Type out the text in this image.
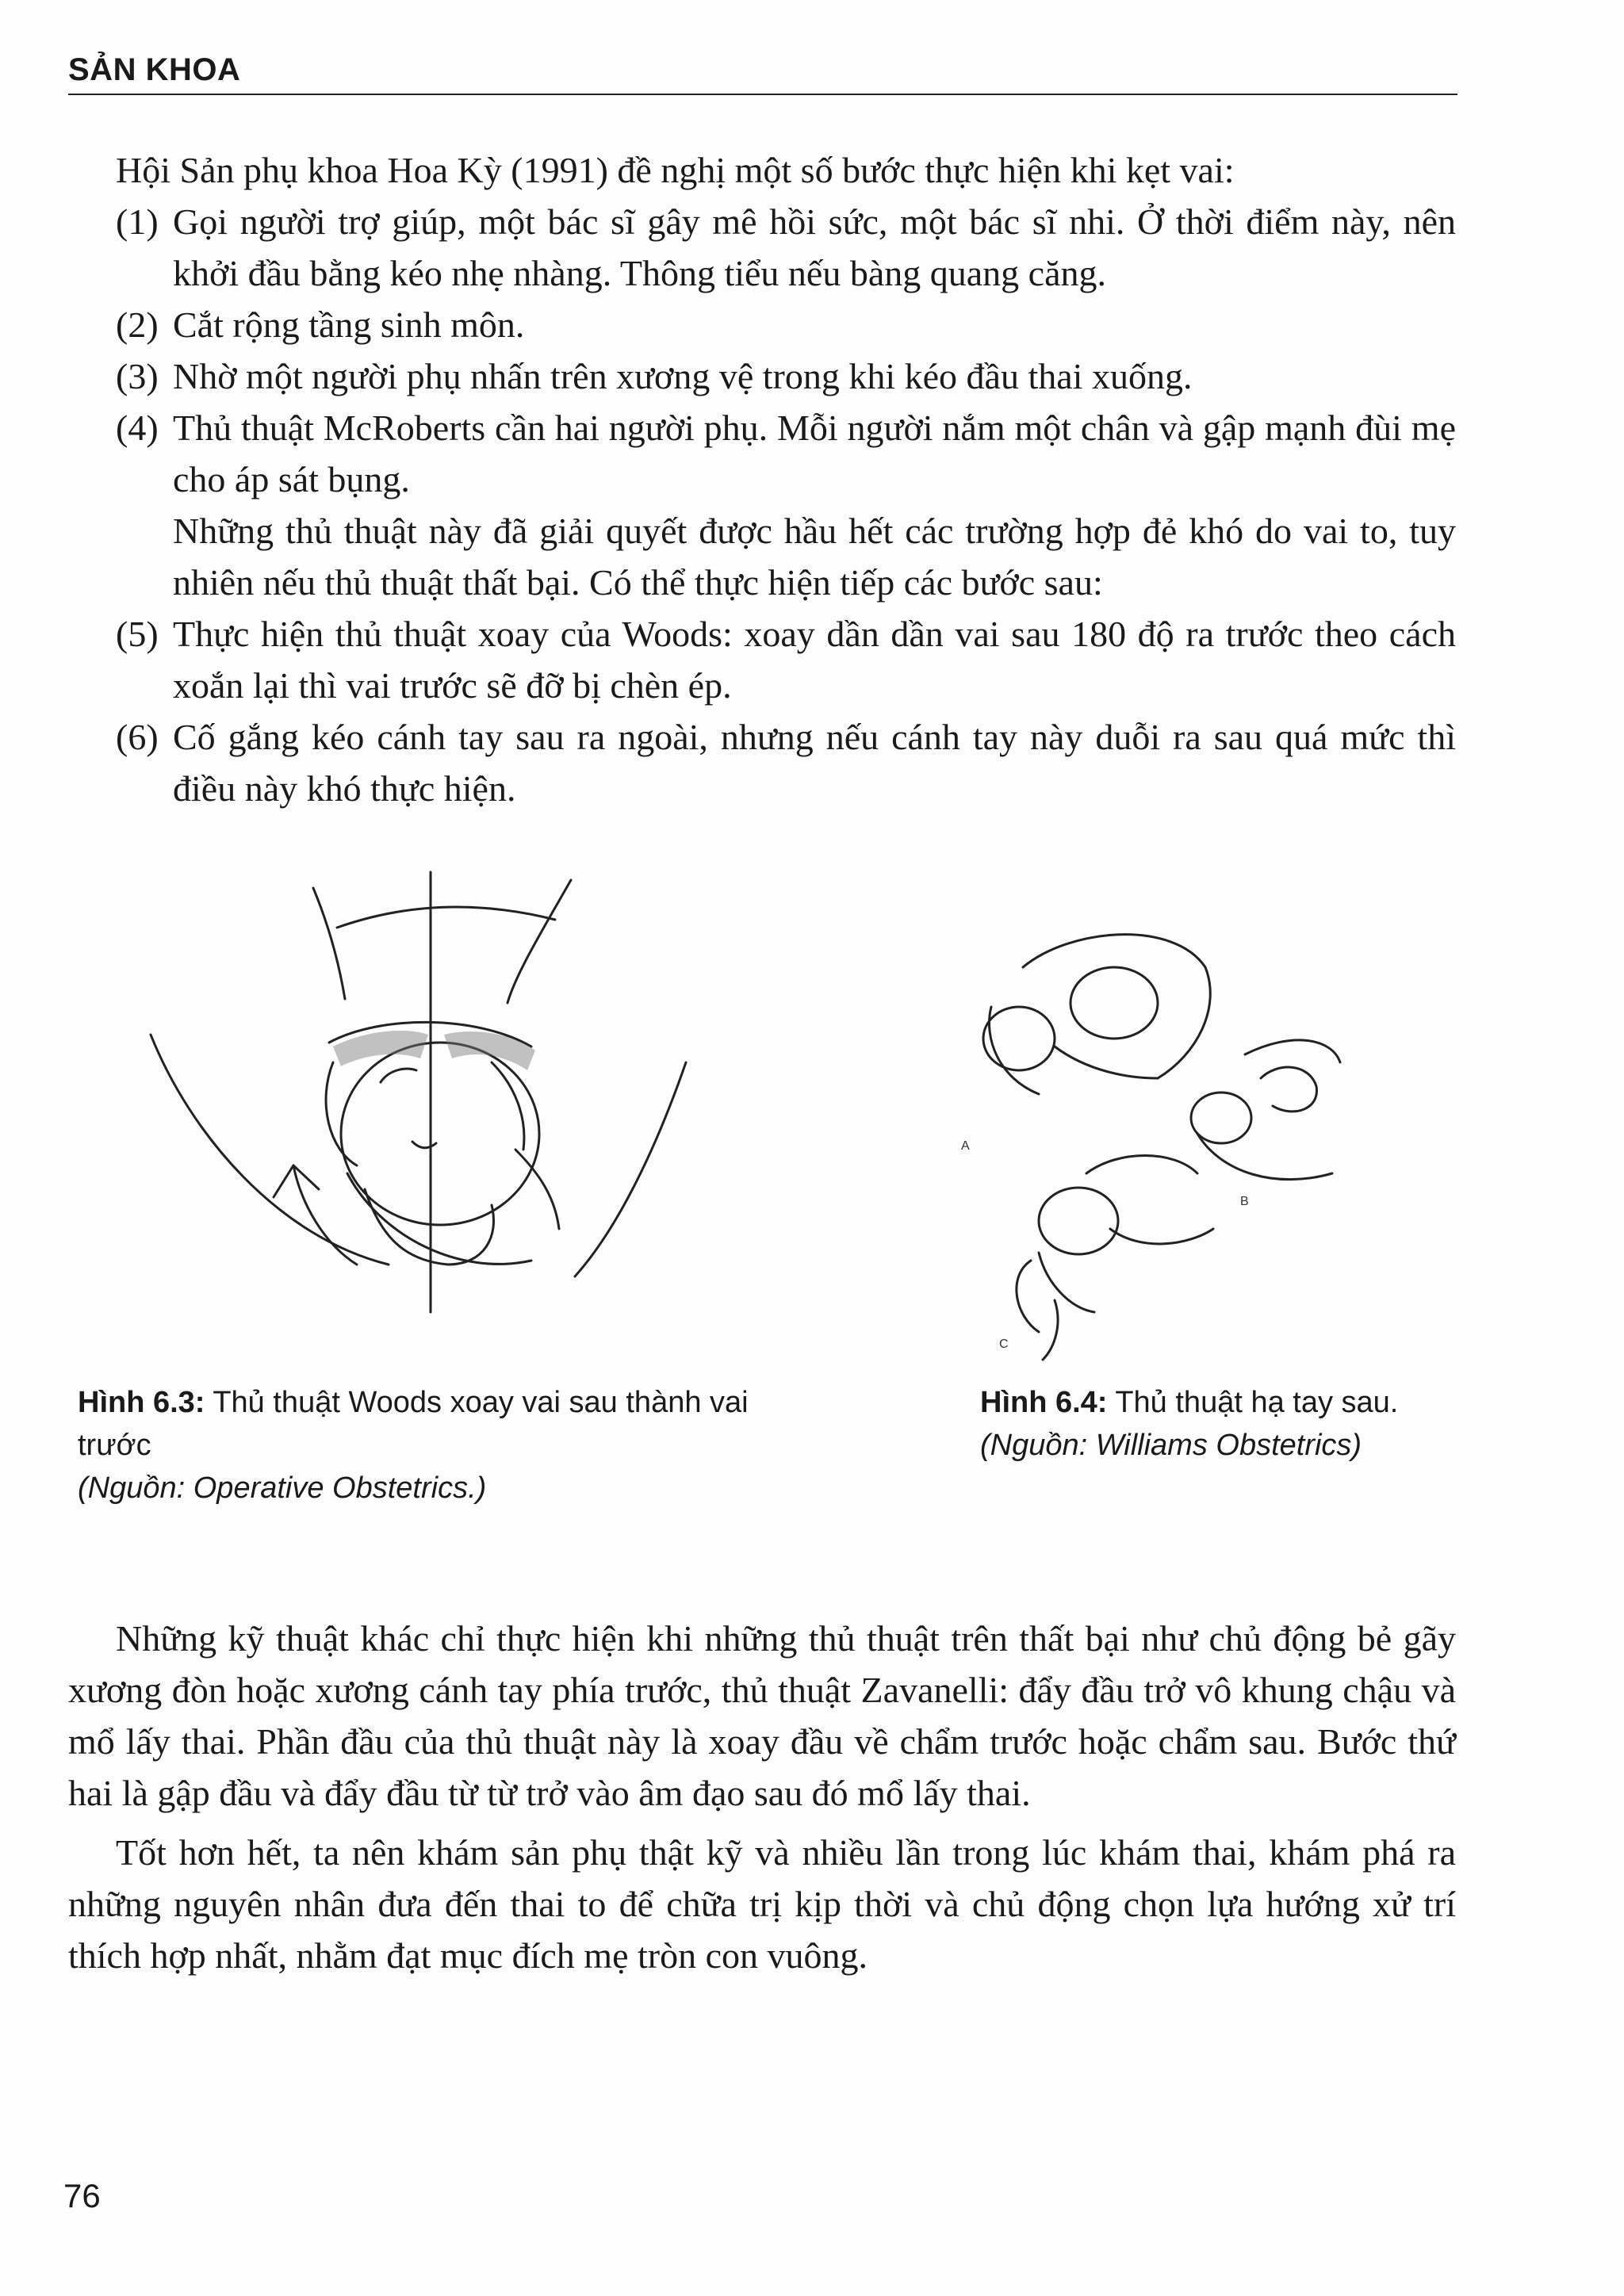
SẢN KHOA

Hội Sản phụ khoa Hoa Kỳ (1991) đề nghị một số bước thực hiện khi kẹt vai:

(1) Gọi người trợ giúp, một bác sĩ gây mê hồi sức, một bác sĩ nhi. Ở thời điểm này, nên khởi đầu bằng kéo nhẹ nhàng. Thông tiểu nếu bàng quang căng.
(2) Cắt rộng tầng sinh môn.
(3) Nhờ một người phụ nhấn trên xương vệ trong khi kéo đầu thai xuống.
(4) Thủ thuật McRoberts cần hai người phụ. Mỗi người nắm một chân và gập mạnh đùi mẹ cho áp sát bụng.

Những thủ thuật này đã giải quyết được hầu hết các trường hợp đẻ khó do vai to, tuy nhiên nếu thủ thuật thất bại. Có thể thực hiện tiếp các bước sau:

(5) Thực hiện thủ thuật xoay của Woods: xoay dần dần vai sau 180 độ ra trước theo cách xoắn lại thì vai trước sẽ đỡ bị chèn ép.
(6) Cố gắng kéo cánh tay sau ra ngoài, nhưng nếu cánh tay này duỗi ra sau quá mức thì điều này khó thực hiện.
A
B
C
Hình 6.3: Thủ thuật Woods xoay vai sau thành vai trước
(Nguồn: Operative Obstetrics.)
Hình 6.4: Thủ thuật hạ tay sau.
(Nguồn: Williams Obstetrics)

Những kỹ thuật khác chỉ thực hiện khi những thủ thuật trên thất bại như chủ động bẻ gãy xương đòn hoặc xương cánh tay phía trước, thủ thuật Zavanelli: đẩy đầu trở vô khung chậu và mổ lấy thai. Phần đầu của thủ thuật này là xoay đầu về chẩm trước hoặc chẩm sau. Bước thứ hai là gập đầu và đẩy đầu từ từ trở vào âm đạo sau đó mổ lấy thai.

Tốt hơn hết, ta nên khám sản phụ thật kỹ và nhiều lần trong lúc khám thai, khám phá ra những nguyên nhân đưa đến thai to để chữa trị kịp thời và chủ động chọn lựa hướng xử trí thích hợp nhất, nhằm đạt mục đích mẹ tròn con vuông.

76
